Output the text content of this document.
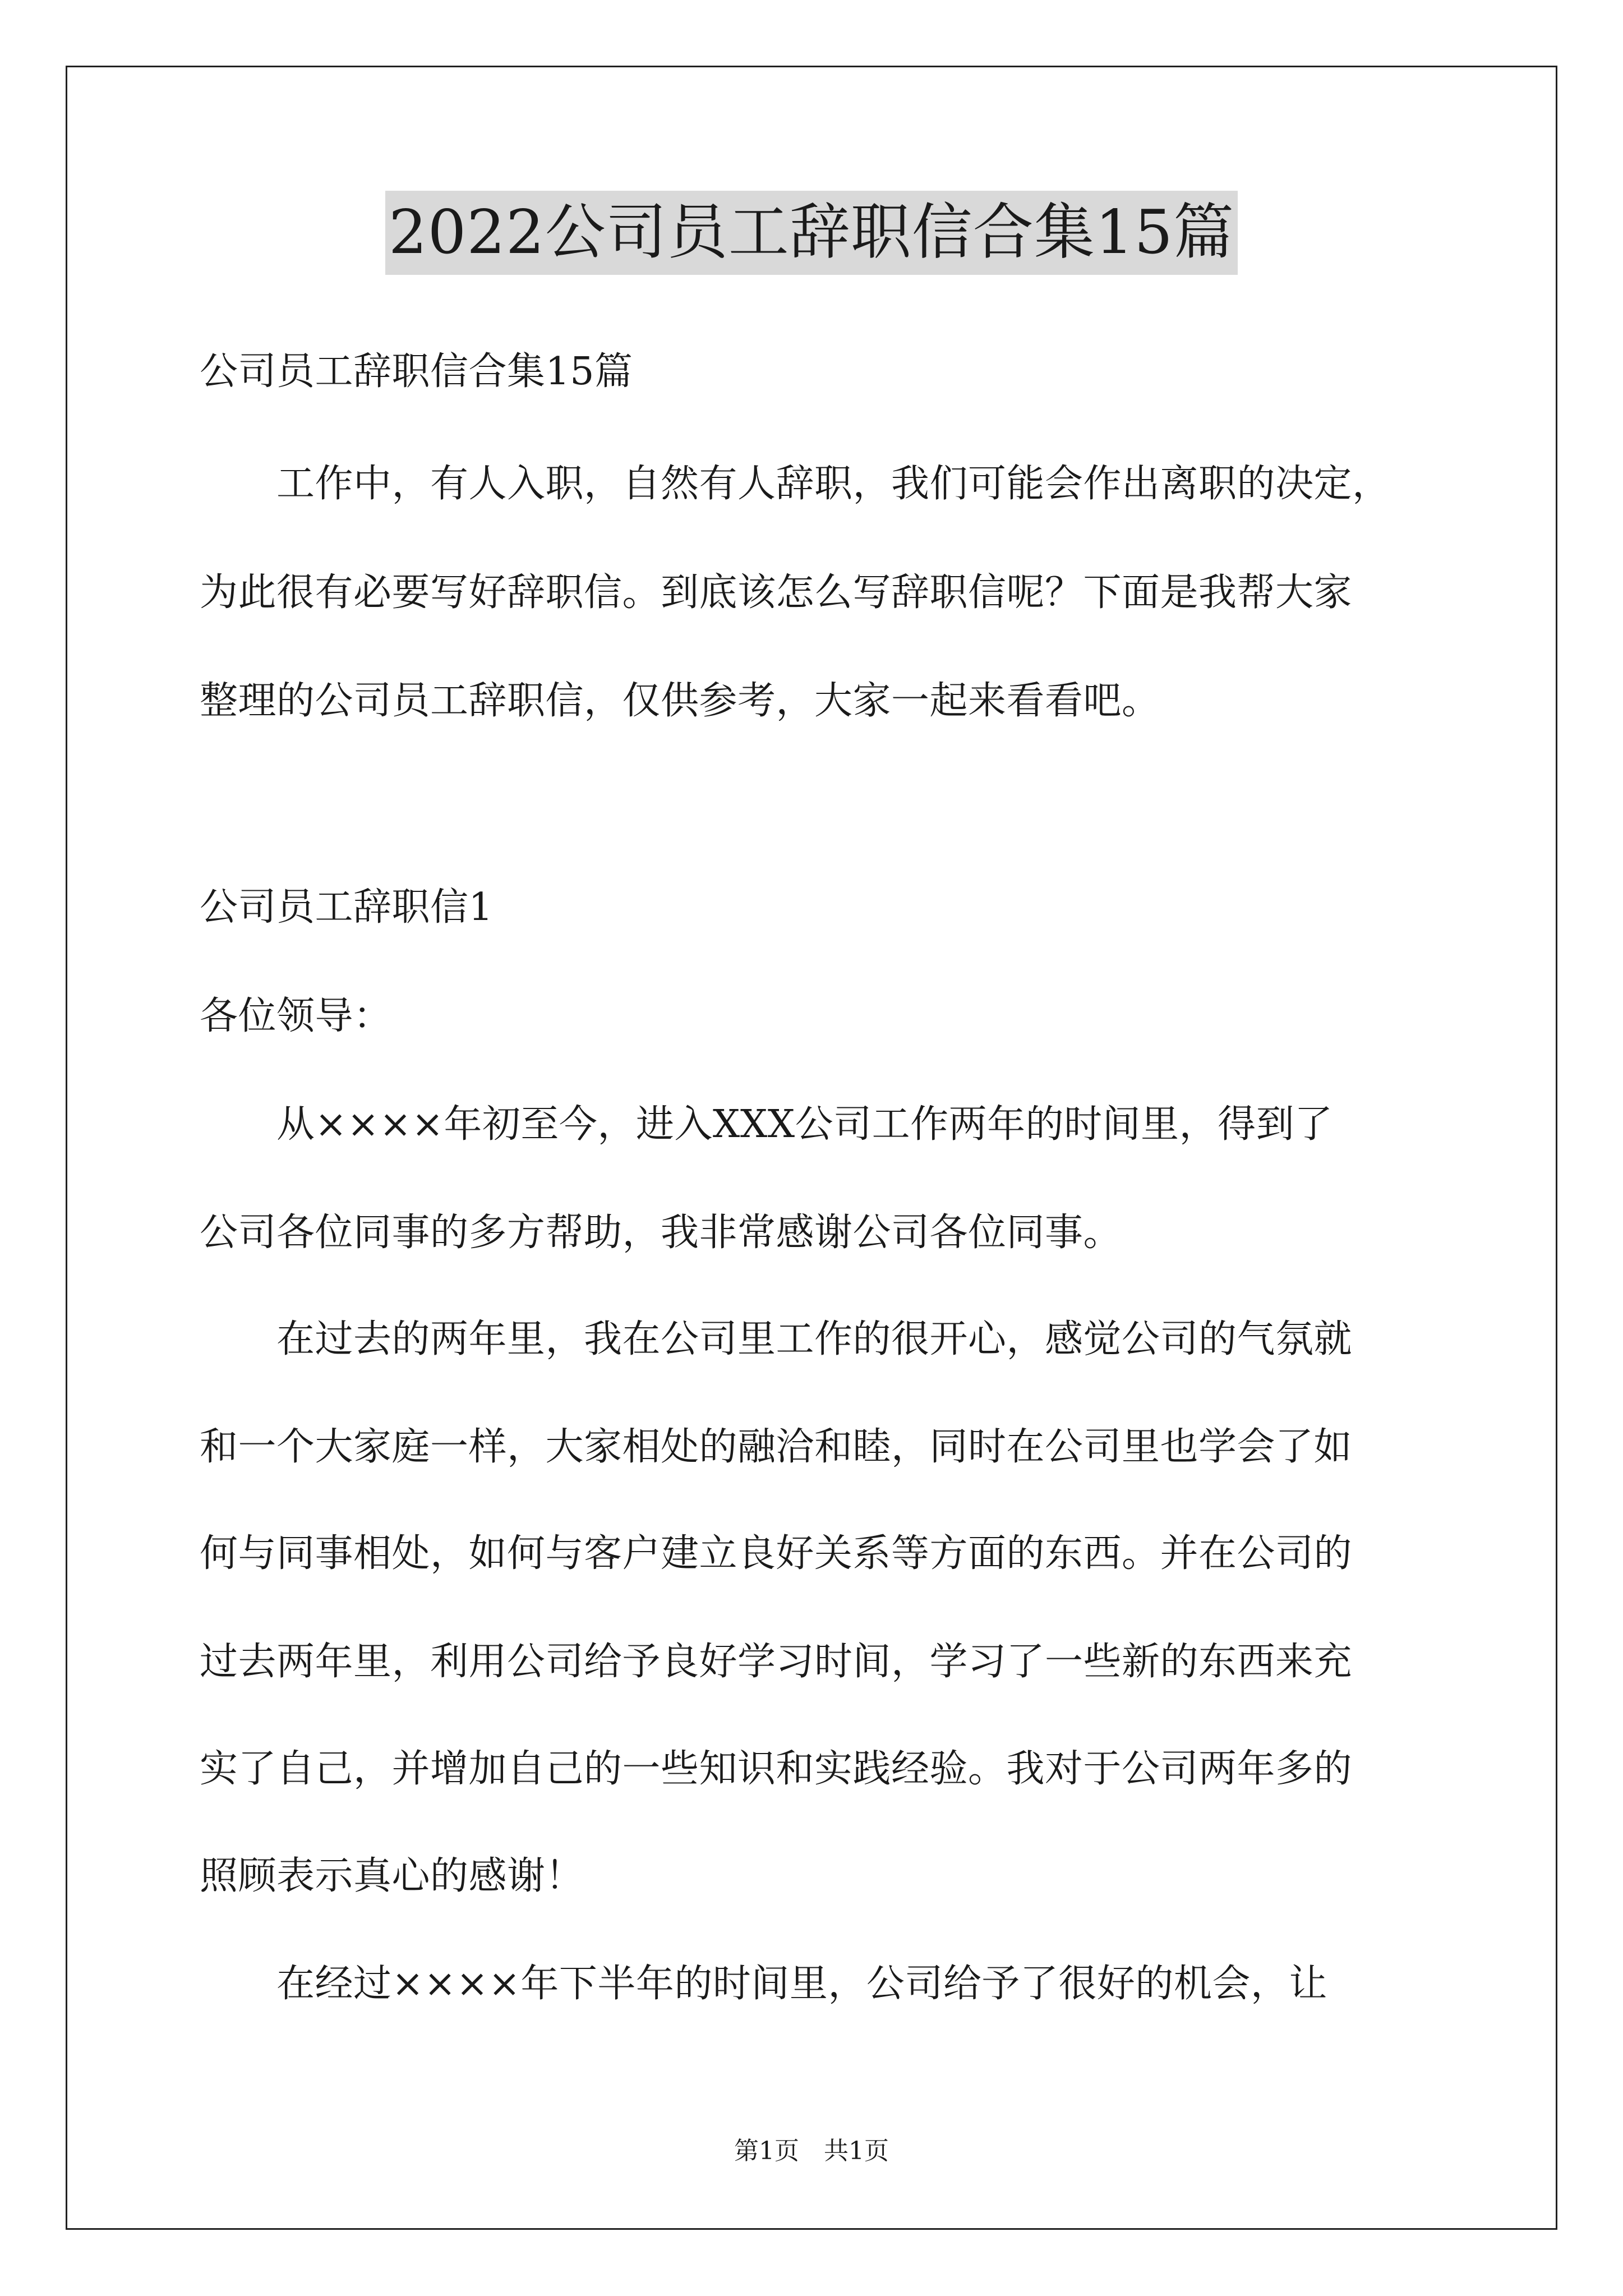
2022公司员工辞职信合集15篇
公司员工辞职信合集15篇
　　工作中，有人入职，自然有人辞职，我们可能会作出离职的决定，
为此很有必要写好辞职信。到底该怎么写辞职信呢？下面是我帮大家
整理的公司员工辞职信，仅供参考，大家一起来看看吧。
公司员工辞职信1
各位领导：
　　从××××年初至今，进入XXX公司工作两年的时间里，得到了
公司各位同事的多方帮助，我非常感谢公司各位同事。
　　在过去的两年里，我在公司里工作的很开心，感觉公司的气氛就
和一个大家庭一样，大家相处的融洽和睦，同时在公司里也学会了如
何与同事相处，如何与客户建立良好关系等方面的东西。并在公司的
过去两年里，利用公司给予良好学习时间，学习了一些新的东西来充
实了自己，并增加自己的一些知识和实践经验。我对于公司两年多的
照顾表示真心的感谢！
　　在经过××××年下半年的时间里，公司给予了很好的机会，让
第1页　共1页
